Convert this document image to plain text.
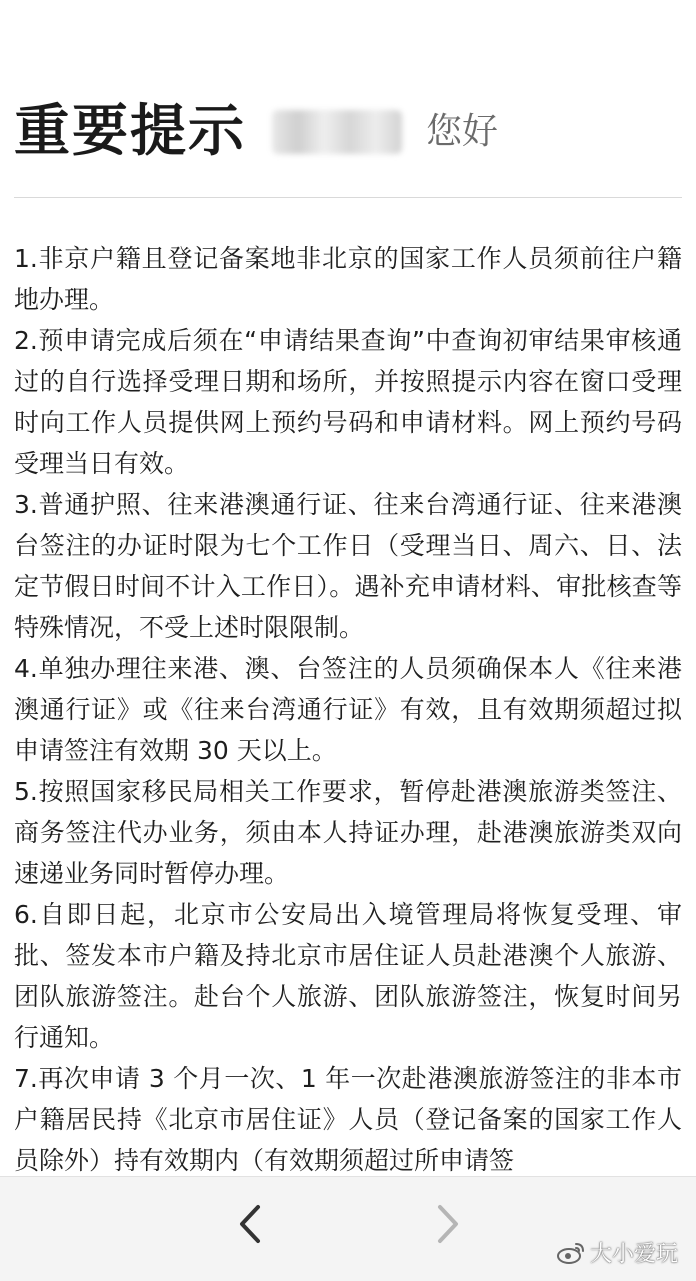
重要提示	您好

1.非京户籍且登记备案地非北京的国家工作人员须前往户籍地办理。

2.预申请完成后须在“申请结果查询”中查询初审结果审核通过的自行选择受理日期和场所，并按照提示内容在窗口受理时向工作人员提供网上预约号码和申请材料。网上预约号码受理当日有效。

3.普通护照、往来港澳通行证、往来台湾通行证、往来港澳台签注的办证时限为七个工作日（受理当日、周六、日、法定节假日时间不计入工作日）。遇补充申请材料、审批核查等特殊情况，不受上述时限限制。

4.单独办理往来港、澳、台签注的人员须确保本人《往来港澳通行证》或《往来台湾通行证》有效，且有效期须超过拟申请签注有效期 30 天以上。

5.按照国家移民局相关工作要求，暂停赴港澳旅游类签注、商务签注代办业务，须由本人持证办理，赴港澳旅游类双向速递业务同时暂停办理。

6.自即日起，北京市公安局出入境管理局将恢复受理、审批、签发本市户籍及持北京市居住证人员赴港澳个人旅游、团队旅游签注。赴台个人旅游、团队旅游签注，恢复时间另行通知。

7.再次申请 3 个月一次、1 年一次赴港澳旅游签注的非本市户籍居民持《北京市居住证》人员（登记备案的国家工作人员除外）持有效期内（有效期须超过所申请签

大小爱玩
